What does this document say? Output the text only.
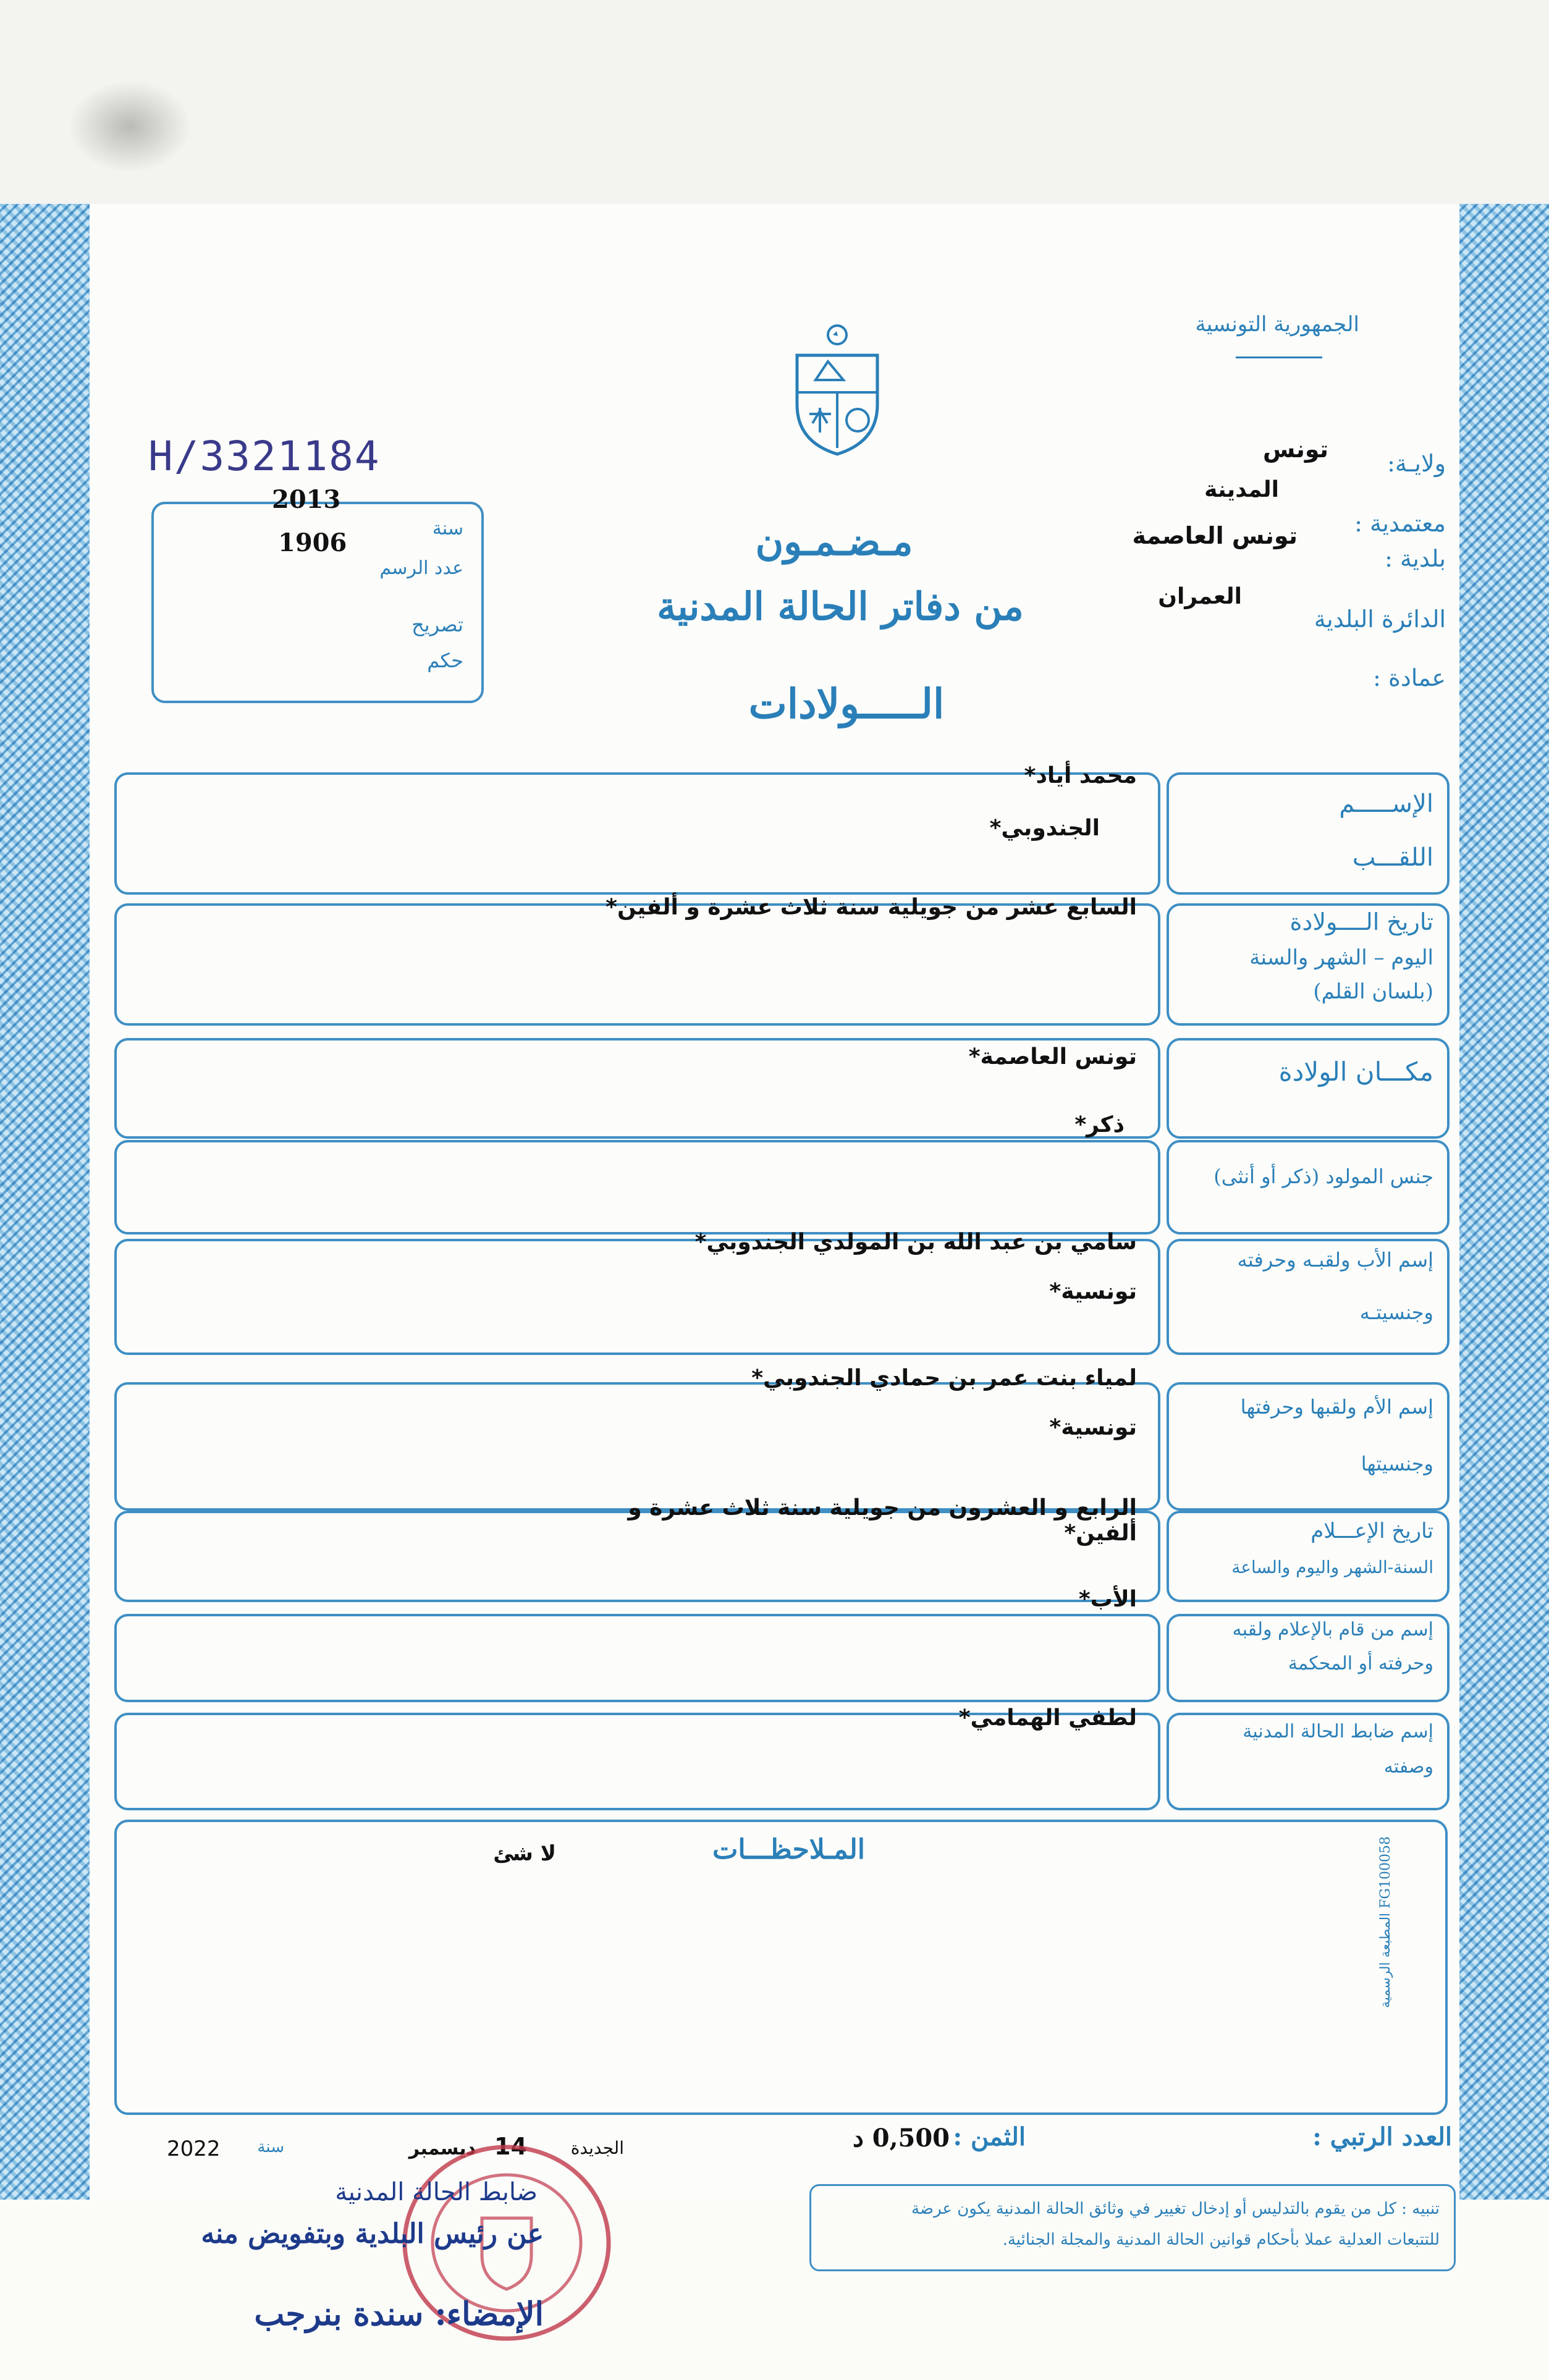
الجمهورية التونسية
H/3321184
2013
سنة
1906
عدد الرسم
تصريح
حكم
ولايـة:
تونس
المدينة
معتمدية :
تونس العاصمة
بلدية :
العمران
الدائرة البلدية
عمادة :
مـضـمـون
من دفاتر الحالة المدنية
الـــــولادات
الإســـــم
اللقـــب
محمد أياد*
الجندوبي*
تاريخ الــــولادة
اليوم – الشهر والسنة
(بلسان القلم)
السابع عشر من جويلية سنة ثلاث عشرة و ألفين*
مكـــان الولادة
تونس العاصمة*
جنس المولود (ذكر أو أنثى)
ذكر*
إسم الأب ولقبـه وحرفته
وجنسيتـه
سامي بن عبد الله بن المولدي الجندوبي*
تونسية*
إسم الأم ولقبها وحرفتها
وجنسيتها
لمياء بنت عمر بن حمادي الجندوبي*
تونسية*
تاريخ الإعـــلام
السنة-الشهر واليوم والساعة
الرابع و العشرون من جويلية سنة ثلاث عشرة و ألفين*
إسم من قام بالإعلام ولقبه
وحرفته أو المحكمة
الأب*
إسم ضابط الحالة المدنية
وصفته
لطفي الهمامي*
المـلاحظـــات
لا شئ
المطبعة الرسمية FG100058
العدد الرتبي :
الثمن :
0,500 د
الجديدة
14
ديسمبر
سنة
2022
ضابط الحالة المدنية
عن رئيس البلدية وبتفويض منه
الإمضاء: سندة بنرجب
تنبيه : كل من يقوم بالتدليس أو إدخال تغيير في وثائق الحالة المدنية يكون عرضة
للتتبعات العدلية عملا بأحكام قوانين الحالة المدنية والمجلة الجنائية.
